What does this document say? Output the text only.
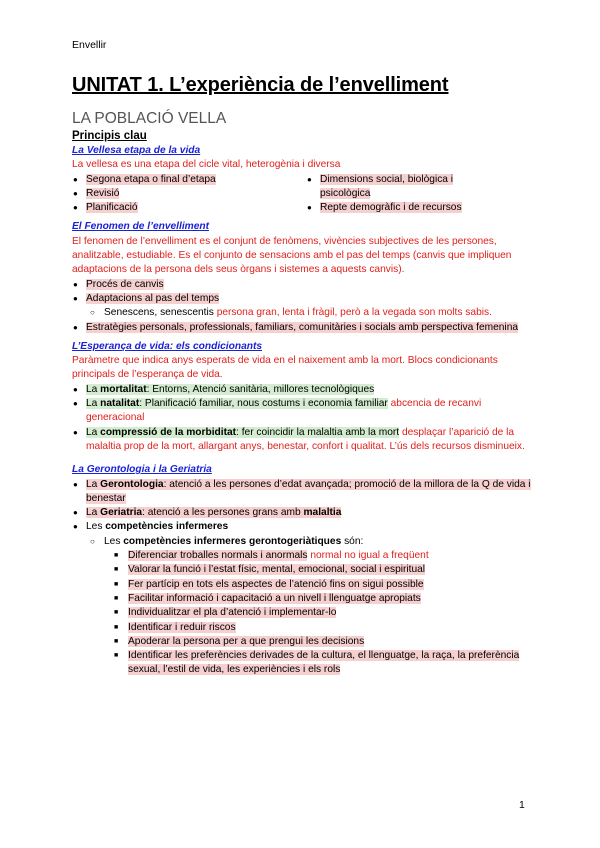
Envellir
UNITAT 1. L’experiència de l’envelliment
LA POBLACIÓ VELLA
Principis clau
La Vellesa etapa de la vida
La vellesa es una etapa del cicle vital, heterogènia i diversa
● Segona etapa o final d’etapa
● Revisió
● Planificació
● Dimensions social, biològica i psicològica
● Repte demogràfic i de recursos
El Fenomen de l’envelliment
El fenomen de l’envelliment es el conjunt de fenòmens, vivències subjectives de les persones, analitzable, estudiable. Es el conjunto de sensacions amb el pas del temps (canvis que impliquen adaptacions de la persona dels seus òrgans i sistemes a aquests canvis).
● Procés de canvis
● Adaptacions al pas del temps
○ Senescens, senescentis persona gran, lenta i fràgil, però a la vegada son molts sabis.
● Estratègies personals, professionals, familiars, comunitàries i socials amb perspectiva femenina
L’Esperança de vida: els condicionants
Paràmetre que indica anys esperats de vida en el naixement amb la mort. Blocs condicionants principals de l’esperança de vida.
● La mortalitat: Entorns, Atenció sanitària, millores tecnològiques
● La natalitat: Planificació familiar, nous costums i economia familiar abcencia de recanvi generacional
● La compressió de la morbiditat: fer coincidir la malaltia amb la mort desplaçar l’aparició de la malaltia prop de la mort, allargant anys, benestar, confort i qualitat. L’ús dels recursos disminueix.
La Gerontologia i la Geriatria
● La Gerontologia: atenció a les persones d’edat avançada; promoció de la millora de la Q de vida i benestar
● La Geriatria: atenció a les persones grans amb malaltia
● Les competències infermeres
○ Les competències infermeres gerontogeriàtiques són:
■ Diferenciar troballes normals i anormals normal no igual a freqüent
■ Valorar la funció i l’estat físic, mental, emocional, social i espiritual
■ Fer partícip en tots els aspectes de l’atenció fins on sigui possible
■ Facilitar informació i capacitació a un nivell i llenguatge apropiats
■ Individualitzar el pla d’atenció i implementar-lo
■ Identificar i reduir riscos
■ Apoderar la persona per a que prengui les decisions
■ Identificar les preferències derivades de la cultura, el llenguatge, la raça, la preferència sexual, l’estil de vida, les experiències i els rols
1
